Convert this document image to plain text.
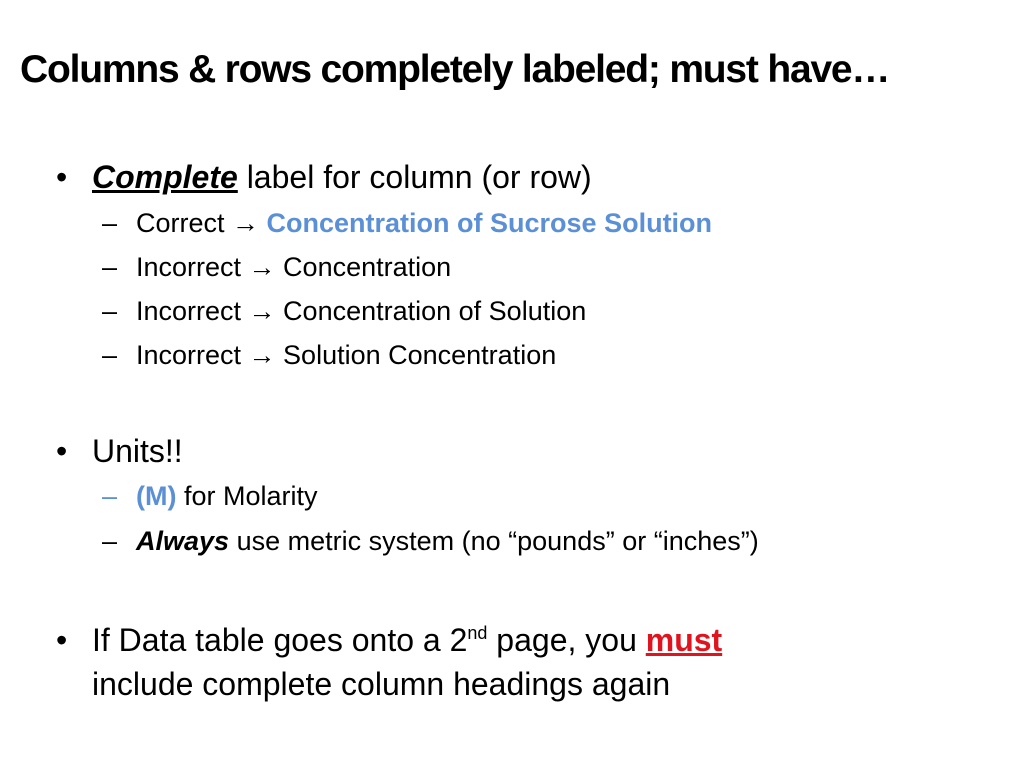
Columns & rows completely labeled; must have…
• Complete label for column (or row)
– Correct → Concentration of Sucrose Solution
– Incorrect → Concentration
– Incorrect → Concentration of Solution
– Incorrect → Solution Concentration
• Units!!
– (M) for Molarity
– Always use metric system (no “pounds” or “inches”)
• If Data table goes onto a 2nd page, you must
include complete column headings again
